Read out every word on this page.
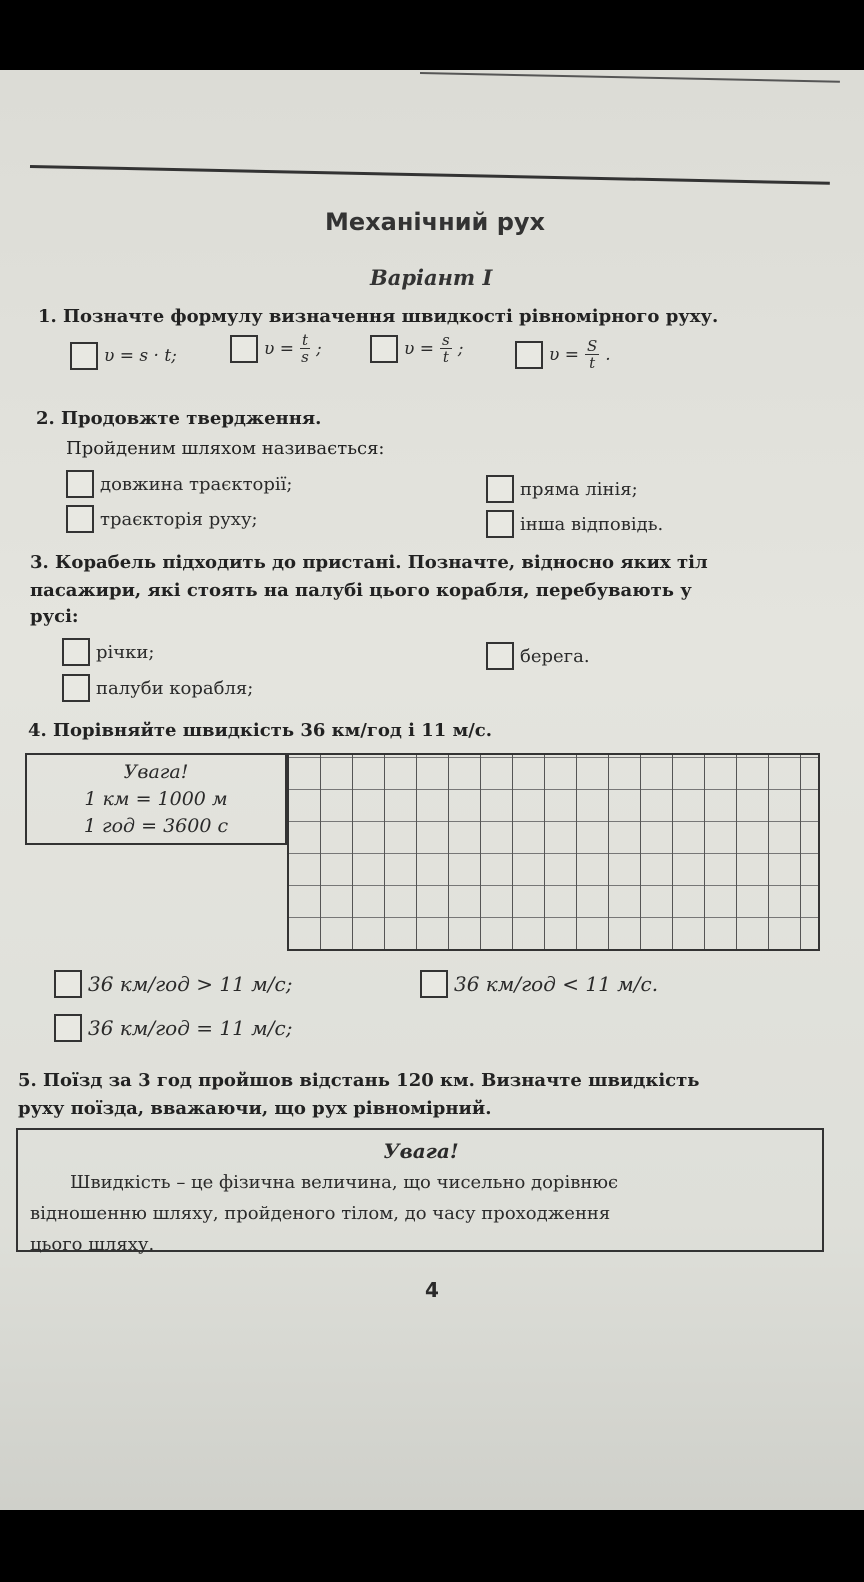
Механічний рух
Варіант I
1. Позначте формулу визначення швидкості рівномірного руху.
υ = s · t;	$\upsilon = \frac{t}{s}$ ;	$\upsilon = \frac{s}{t}$ ;	$\upsilon = \frac{S}{t}$ .
2. Продовжте твердження.
Пройденим шляхом називається:
довжина траєкторії;
траєкторія руху;
пряма лінія;
інша відповідь.
3. Корабель підходить до пристані. Позначте, відносно яких тіл
пасажири, які стоять на палубі цього корабля, перебувають у
русі:
річки;
палуби корабля;
берега.
4. Порівняйте швидкість 36 км/год і 11 м/с.
Увага!
1 км = 1000 м
1 год = 3600 с
36 км/год > 11 м/с;
36 км/год = 11 м/с;
36 км/год < 11 м/с.
5. Поїзд за 3 год пройшов відстань 120 км. Визначте швидкість
руху поїзда, вважаючи, що рух рівномірний.
Увага!
Швидкість – це фізична величина, що чисельно дорівнює
відношенню шляху, пройденого тілом, до часу проходження
цього шляху.
4
